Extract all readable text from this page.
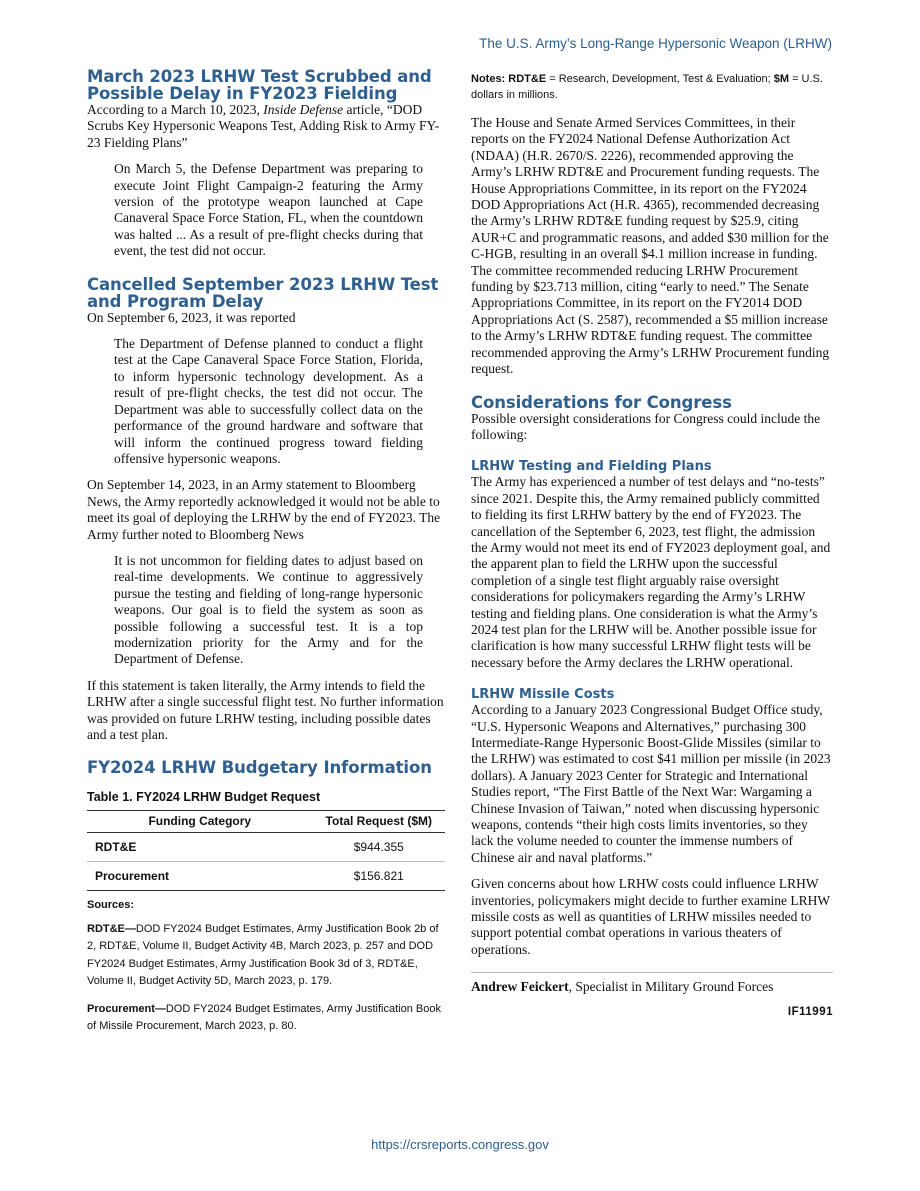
The U.S. Army’s Long-Range Hypersonic Weapon (LRHW)
March 2023 LRHW Test Scrubbed and Possible Delay in FY2023 Fielding

According to a March 10, 2023, Inside Defense article, “DOD Scrubs Key Hypersonic Weapons Test, Adding Risk to Army FY-23 Fielding Plans”

On March 5, the Defense Department was preparing to execute Joint Flight Campaign-2 featuring the Army version of the prototype weapon launched at Cape Canaveral Space Force Station, FL, when the countdown was halted ... As a result of pre-flight checks during that event, the test did not occur.

Cancelled September 2023 LRHW Test and Program Delay

On September 6, 2023, it was reported

The Department of Defense planned to conduct a flight test at the Cape Canaveral Space Force Station, Florida, to inform hypersonic technology development. As a result of pre-flight checks, the test did not occur. The Department was able to successfully collect data on the performance of the ground hardware and software that will inform the continued progress toward fielding offensive hypersonic weapons.

On September 14, 2023, in an Army statement to Bloomberg News, the Army reportedly acknowledged it would not be able to meet its goal of deploying the LRHW by the end of FY2023. The Army further noted to Bloomberg News

It is not uncommon for fielding dates to adjust based on real-time developments. We continue to aggressively pursue the testing and fielding of long-range hypersonic weapons. Our goal is to field the system as soon as possible following a successful test. It is a top modernization priority for the Army and for the Department of Defense.

If this statement is taken literally, the Army intends to field the LRHW after a single successful flight test. No further information was provided on future LRHW testing, including possible dates and a test plan.

FY2024 LRHW Budgetary Information
Table 1. FY2024 LRHW Budget Request
Funding Category	Total Request ($M)
RDT&E	$944.355
Procurement	$156.821
Sources:
RDT&E—DOD FY2024 Budget Estimates, Army Justification Book 2b of 2, RDT&E, Volume II, Budget Activity 4B, March 2023, p. 257 and DOD FY2024 Budget Estimates, Army Justification Book 3d of 3, RDT&E, Volume II, Budget Activity 5D, March 2023, p. 179.
Procurement—DOD FY2024 Budget Estimates, Army Justification Book of Missile Procurement, March 2023, p. 80.
Notes: RDT&E = Research, Development, Test & Evaluation; $M = U.S. dollars in millions.

The House and Senate Armed Services Committees, in their reports on the FY2024 National Defense Authorization Act (NDAA) (H.R. 2670/S. 2226), recommended approving the Army’s LRHW RDT&E and Procurement funding requests. The House Appropriations Committee, in its report on the FY2024 DOD Appropriations Act (H.R. 4365), recommended decreasing the Army’s LRHW RDT&E funding request by $25.9, citing AUR+C and programmatic reasons, and added $30 million for the C-HGB, resulting in an overall $4.1 million increase in funding. The committee recommended reducing LRHW Procurement funding by $23.713 million, citing “early to need.” The Senate Appropriations Committee, in its report on the FY2014 DOD Appropriations Act (S. 2587), recommended a $5 million increase to the Army’s LRHW RDT&E funding request. The committee recommended approving the Army’s LRHW Procurement funding request.

Considerations for Congress

Possible oversight considerations for Congress could include the following:

LRHW Testing and Fielding Plans

The Army has experienced a number of test delays and “no-tests” since 2021. Despite this, the Army remained publicly committed to fielding its first LRHW battery by the end of FY2023. The cancellation of the September 6, 2023, test flight, the admission the Army would not meet its end of FY2023 deployment goal, and the apparent plan to field the LRHW upon the successful completion of a single test flight arguably raise oversight considerations for policymakers regarding the Army’s LRHW testing and fielding plans. One consideration is what the Army’s 2024 test plan for the LRHW will be. Another possible issue for clarification is how many successful LRHW flight tests will be necessary before the Army declares the LRHW operational.

LRHW Missile Costs

According to a January 2023 Congressional Budget Office study, “U.S. Hypersonic Weapons and Alternatives,” purchasing 300 Intermediate-Range Hypersonic Boost-Glide Missiles (similar to the LRHW) was estimated to cost $41 million per missile (in 2023 dollars). A January 2023 Center for Strategic and International Studies report, “The First Battle of the Next War: Wargaming a Chinese Invasion of Taiwan,” noted when discussing hypersonic weapons, contends “their high costs limits inventories, so they lack the volume needed to counter the immense numbers of Chinese air and naval platforms.”

Given concerns about how LRHW costs could influence LRHW inventories, policymakers might decide to further examine LRHW missile costs as well as quantities of LRHW missiles needed to support potential combat operations in various theaters of operations.

Andrew Feickert, Specialist in Military Ground Forces

IF11991
https://crsreports.congress.gov
